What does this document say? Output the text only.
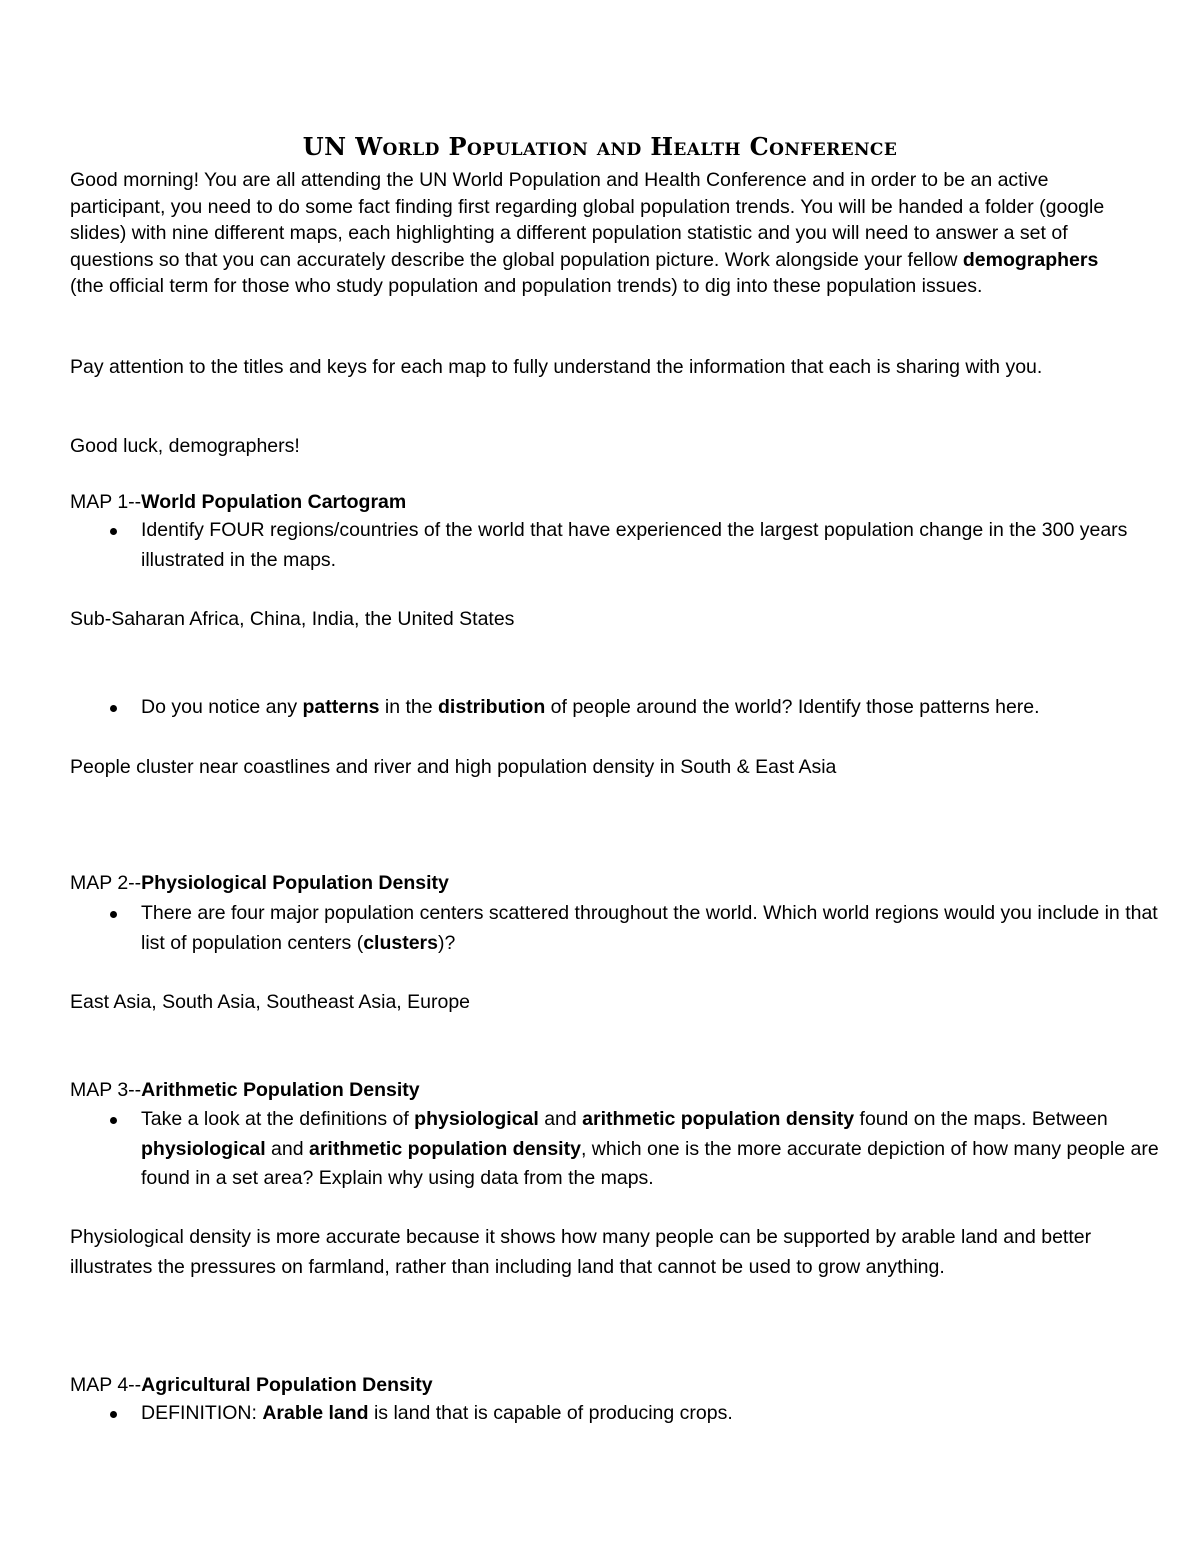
UN World Population and Health Conference

Good morning! You are all attending the UN World Population and Health Conference and in order to be an active participant, you need to do some fact finding first regarding global population trends. You will be handed a folder (google slides) with nine different maps, each highlighting a different population statistic and you will need to answer a set of questions so that you can accurately describe the global population picture. Work alongside your fellow demographers (the official term for those who study population and population trends) to dig into these population issues.

Pay attention to the titles and keys for each map to fully understand the information that each is sharing with you.

Good luck, demographers!

MAP 1--World Population Cartogram

Identify FOUR regions/countries of the world that have experienced the largest population change in the 300 years illustrated in the maps.

Sub-Saharan Africa, China, India, the United States

Do you notice any patterns in the distribution of people around the world? Identify those patterns here.

People cluster near coastlines and river and high population density in South & East Asia

MAP 2--Physiological Population Density

There are four major population centers scattered throughout the world. Which world regions would you include in that list of population centers (clusters)?

East Asia, South Asia, Southeast Asia, Europe

MAP 3--Arithmetic Population Density

Take a look at the definitions of physiological and arithmetic population density found on the maps. Between physiological and arithmetic population density, which one is the more accurate depiction of how many people are found in a set area? Explain why using data from the maps.

Physiological density is more accurate because it shows how many people can be supported by arable land and better illustrates the pressures on farmland, rather than including land that cannot be used to grow anything.

MAP 4--Agricultural Population Density

DEFINITION: Arable land is land that is capable of producing crops.
